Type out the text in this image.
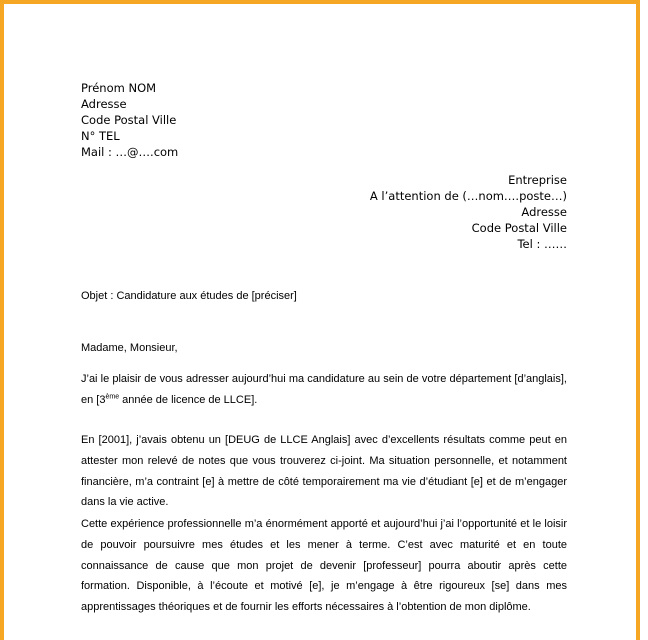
Prénom NOM
Adresse
Code Postal Ville
N° TEL
Mail : …@….com
Entreprise
A l’attention de (…nom….poste…)
Adresse
Code Postal Ville
Tel : ……
Objet : Candidature aux études de [préciser]
Madame, Monsieur,
J’ai le plaisir de vous adresser aujourd’hui ma candidature au sein de votre département [d’anglais], en [3ème année de licence de LLCE].
En [2001], j’avais obtenu un [DEUG de LLCE Anglais] avec d’excellents résultats comme peut en attester mon relevé de notes que vous trouverez ci-joint. Ma situation personnelle, et notamment financière, m’a contraint [e] à mettre de côté temporairement ma vie d’étudiant [e] et de m’engager dans la vie active.
Cette expérience professionnelle m’a énormément apporté et aujourd’hui j’ai l’opportunité et le loisir de pouvoir poursuivre mes études et les mener à terme. C’est avec maturité et en toute connaissance de cause que mon projet de devenir [professeur] pourra aboutir après cette formation. Disponible, à l’écoute et motivé [e], je m’engage à être rigoureux [se] dans mes apprentissages théoriques et de fournir les efforts nécessaires à l’obtention de mon diplôme.
